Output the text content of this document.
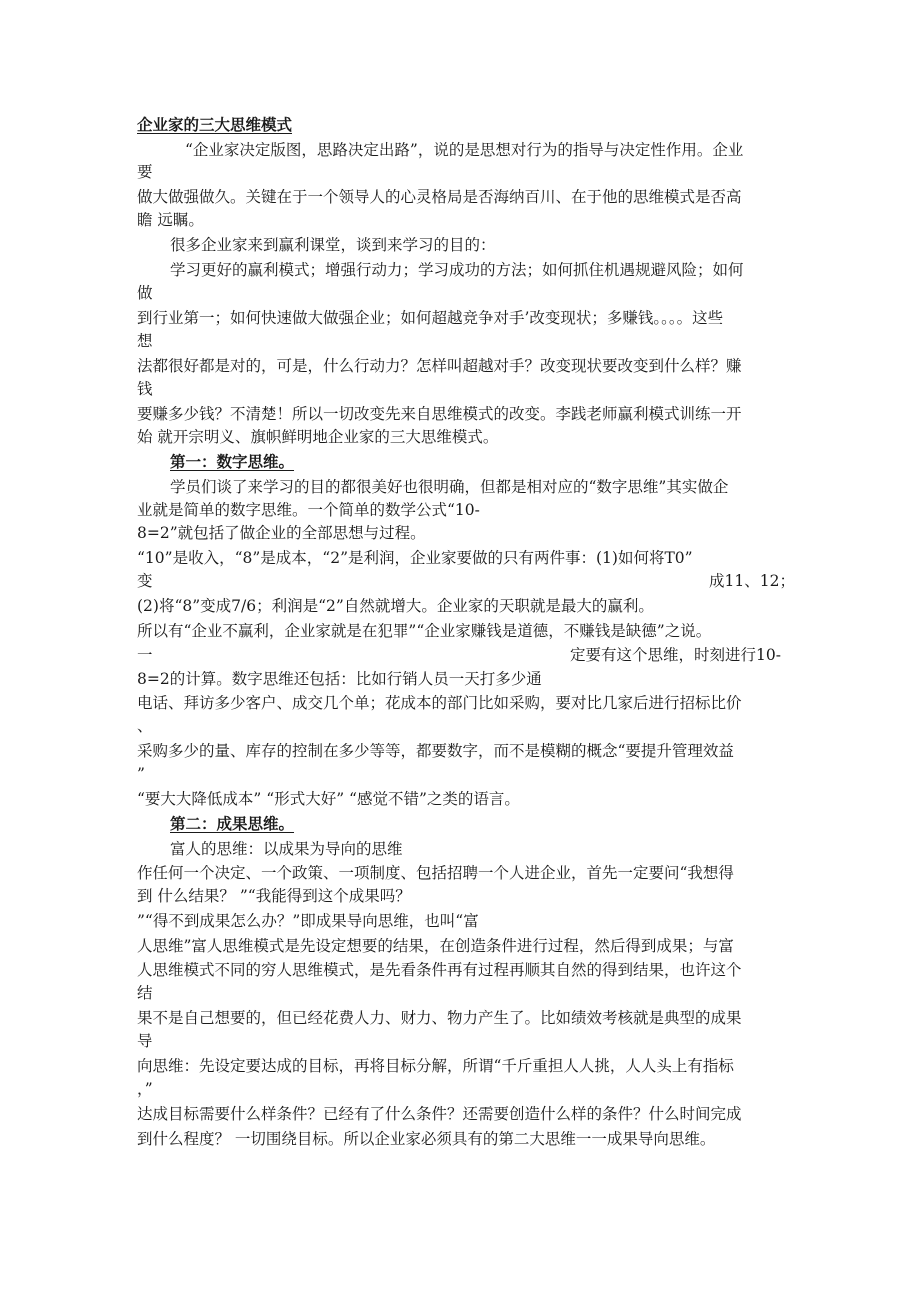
企业家的三大思维模式
“企业家决定版图，思路决定出路”，说的是思想对行为的指导与决定性作用。企业
要
做大做强做久。关键在于一个领导人的心灵格局是否海纳百川、在于他的思维模式是否高
瞻 远瞩。
很多企业家来到赢利课堂，谈到来学习的目的：
学习更好的赢利模式；增强行动力；学习成功的方法；如何抓住机遇规避风险；如何
做
到行业第一；如何快速做大做强企业；如何超越竞争对手’改变现状；多赚钱。。。。这些
想
法都很好都是对的，可是，什么行动力？怎样叫超越对手？改变现状要改变到什么样？赚
钱
要赚多少钱？不清楚！所以一切改变先来自思维模式的改变。李践老师赢利模式训练一开
始 就开宗明义、旗帜鲜明地企业家的三大思维模式。
第一：数字思维。
学员们谈了来学习的目的都很美好也很明确，但都是相对应的“数字思维”其实做企
业就是简单的数字思维。一个简单的数学公式“10-
8=2”就包括了做企业的全部思想与过程。
“10”是收入，“8”是成本，“2”是利润，企业家要做的只有两件事：(1)如何将T0”
变	成11、12；
(2)将“8”变成7/6；利润是“2”自然就增大。企业家的天职就是最大的赢利。
所以有“企业不赢利，企业家就是在犯罪”“企业家赚钱是道德，不赚钱是缺德”之说。
一	定要有这个思维，时刻进行10-
8=2的计算。数字思维还包括：比如行销人员一天打多少通
电话、拜访多少客户、成交几个单；花成本的部门比如采购，要对比几家后进行招标比价
、
采购多少的量、库存的控制在多少等等，都要数字，而不是模糊的概念“要提升管理效益
”
“要大大降低成本” “形式大好” “感觉不错”之类的语言。
第二：成果思维。
富人的思维：以成果为导向的思维
作任何一个决定、一个政策、一项制度、包括招聘一个人进企业，首先一定要问“我想得
到 什么结果？ ”“我能得到这个成果吗？
”“得不到成果怎么办？”即成果导向思维，也叫“富
人思维”富人思维模式是先设定想要的结果，在创造条件进行过程，然后得到成果；与富
人思维模式不同的穷人思维模式，是先看条件再有过程再顺其自然的得到结果，也许这个
结
果不是自己想要的，但已经花费人力、财力、物力产生了。比如绩效考核就是典型的成果
导
向思维：先设定要达成的目标，再将目标分解，所谓“千斤重担人人挑，人人头上有指标
，”
达成目标需要什么样条件？已经有了什么条件？还需要创造什么样的条件？什么时间完成
到什么程度？ 一切围绕目标。所以企业家必须具有的第二大思维一一成果导向思维。
